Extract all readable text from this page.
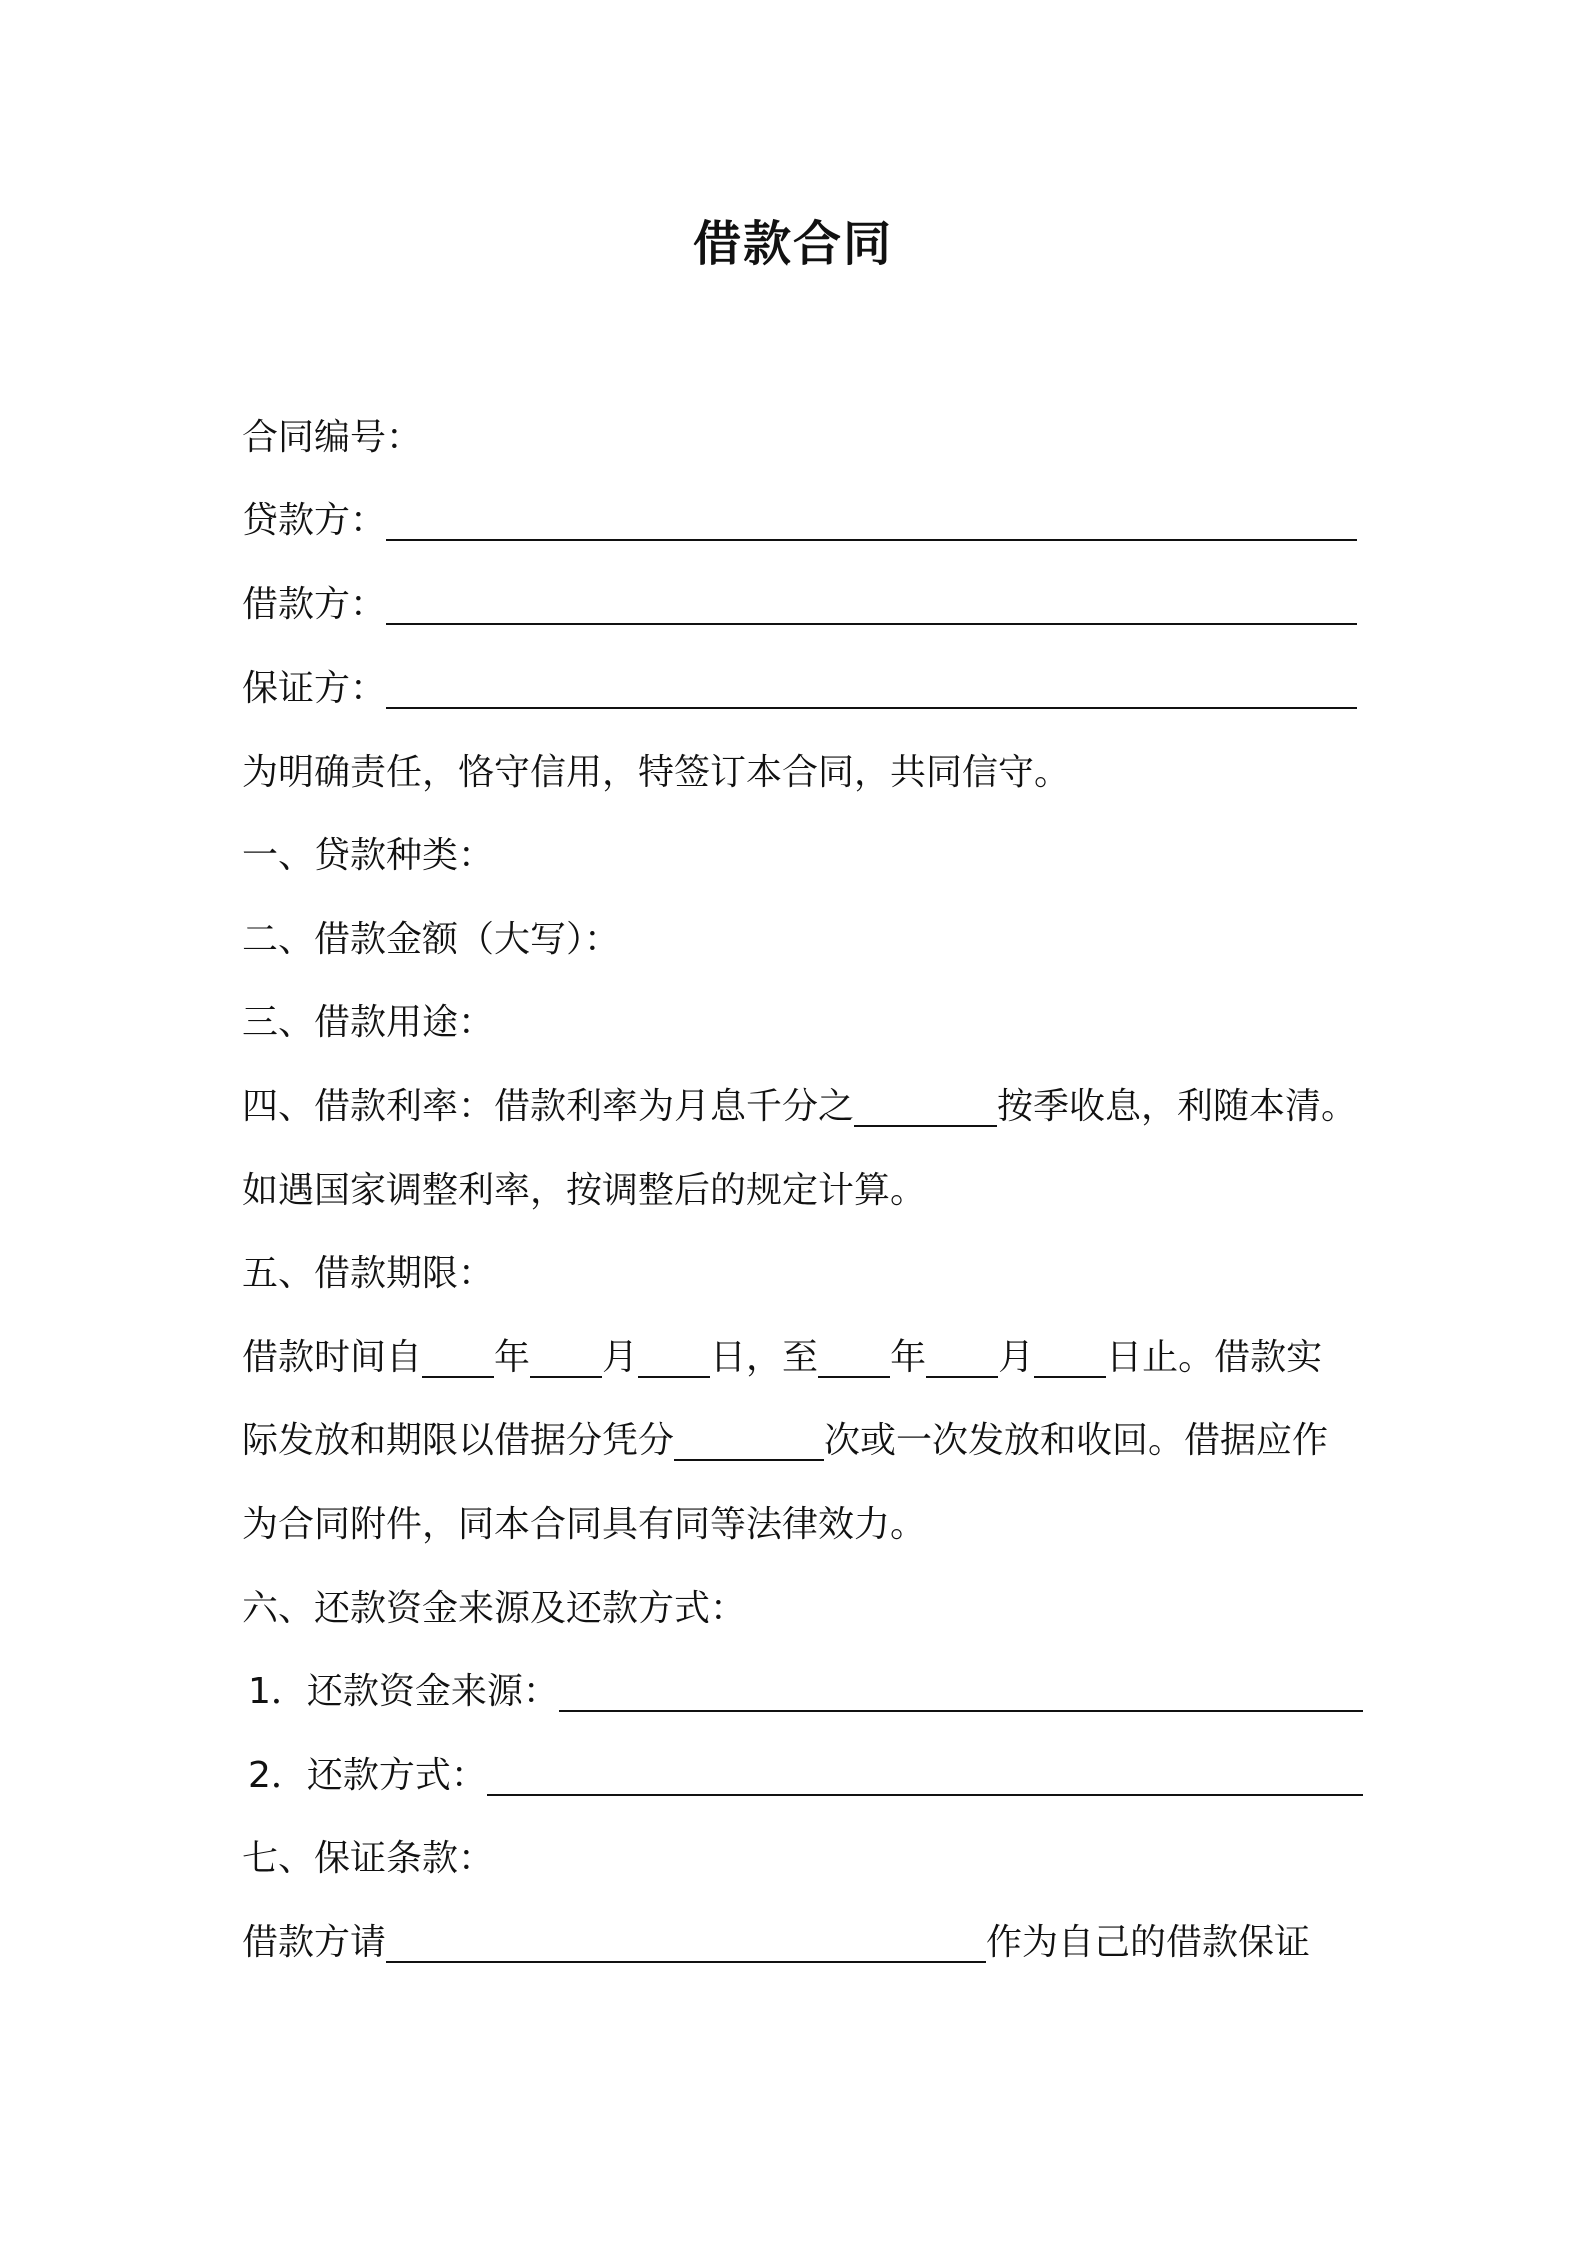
借款合同
合同编号：
贷款方：
借款方：
保证方：
为明确责任，恪守信用，特签订本合同，共同信守。
一、贷款种类：
二、借款金额（大写）：
三、借款用途：
四、借款利率：借款利率为月息千分之	按季收息，利随本清。
如遇国家调整利率，按调整后的规定计算。
五、借款期限：
借款时间自 年 月 日，至 年 月 日止。借款实
际发放和期限以借据分凭分	次或一次发放和收回。借据应作
为合同附件，同本合同具有同等法律效力。
六、还款资金来源及还款方式：
1．还款资金来源：
2．还款方式：
七、保证条款：
借款方请	作为自己的借款保证
